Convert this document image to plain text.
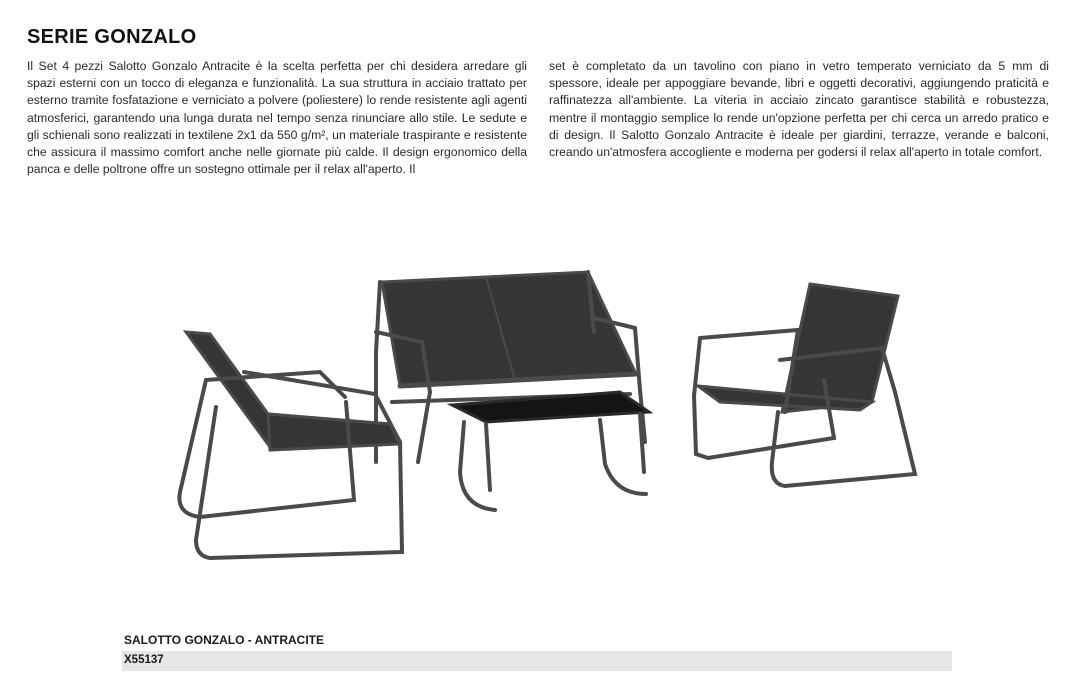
SERIE GONZALO

Il Set 4 pezzi Salotto Gonzalo Antracite è la scelta perfetta per chi desidera arredare gli spazi esterni con un tocco di eleganza e funzionalità. La sua struttura in acciaio trattato per esterno tramite fosfatazione e verniciato a polvere (poliestere) lo rende resistente agli agenti atmosferici, garantendo una lunga durata nel tempo senza rinunciare allo stile. Le sedute e gli schienali sono realizzati in textilene 2x1 da 550 g/m², un materiale traspirante e resistente che assicura il massimo comfort anche nelle giornate più calde. Il design ergonomico della panca e delle poltrone offre un sostegno ottimale per il relax all'aperto. Il

set è completato da un tavolino con piano in vetro temperato verniciato da 5 mm di spessore, ideale per appoggiare bevande, libri e oggetti decorativi, aggiungendo praticità e raffinatezza all'ambiente. La viteria in acciaio zincato garantisce stabilità e robustezza, mentre il montaggio semplice lo rende un'opzione perfetta per chi cerca un arredo pratico e di design. Il Salotto Gonzalo Antracite è ideale per giardini, terrazze, verande e balconi, creando un'atmosfera accogliente e moderna per godersi il relax all'aperto in totale comfort.

SALOTTO GONZALO - ANTRACITE
X55137
